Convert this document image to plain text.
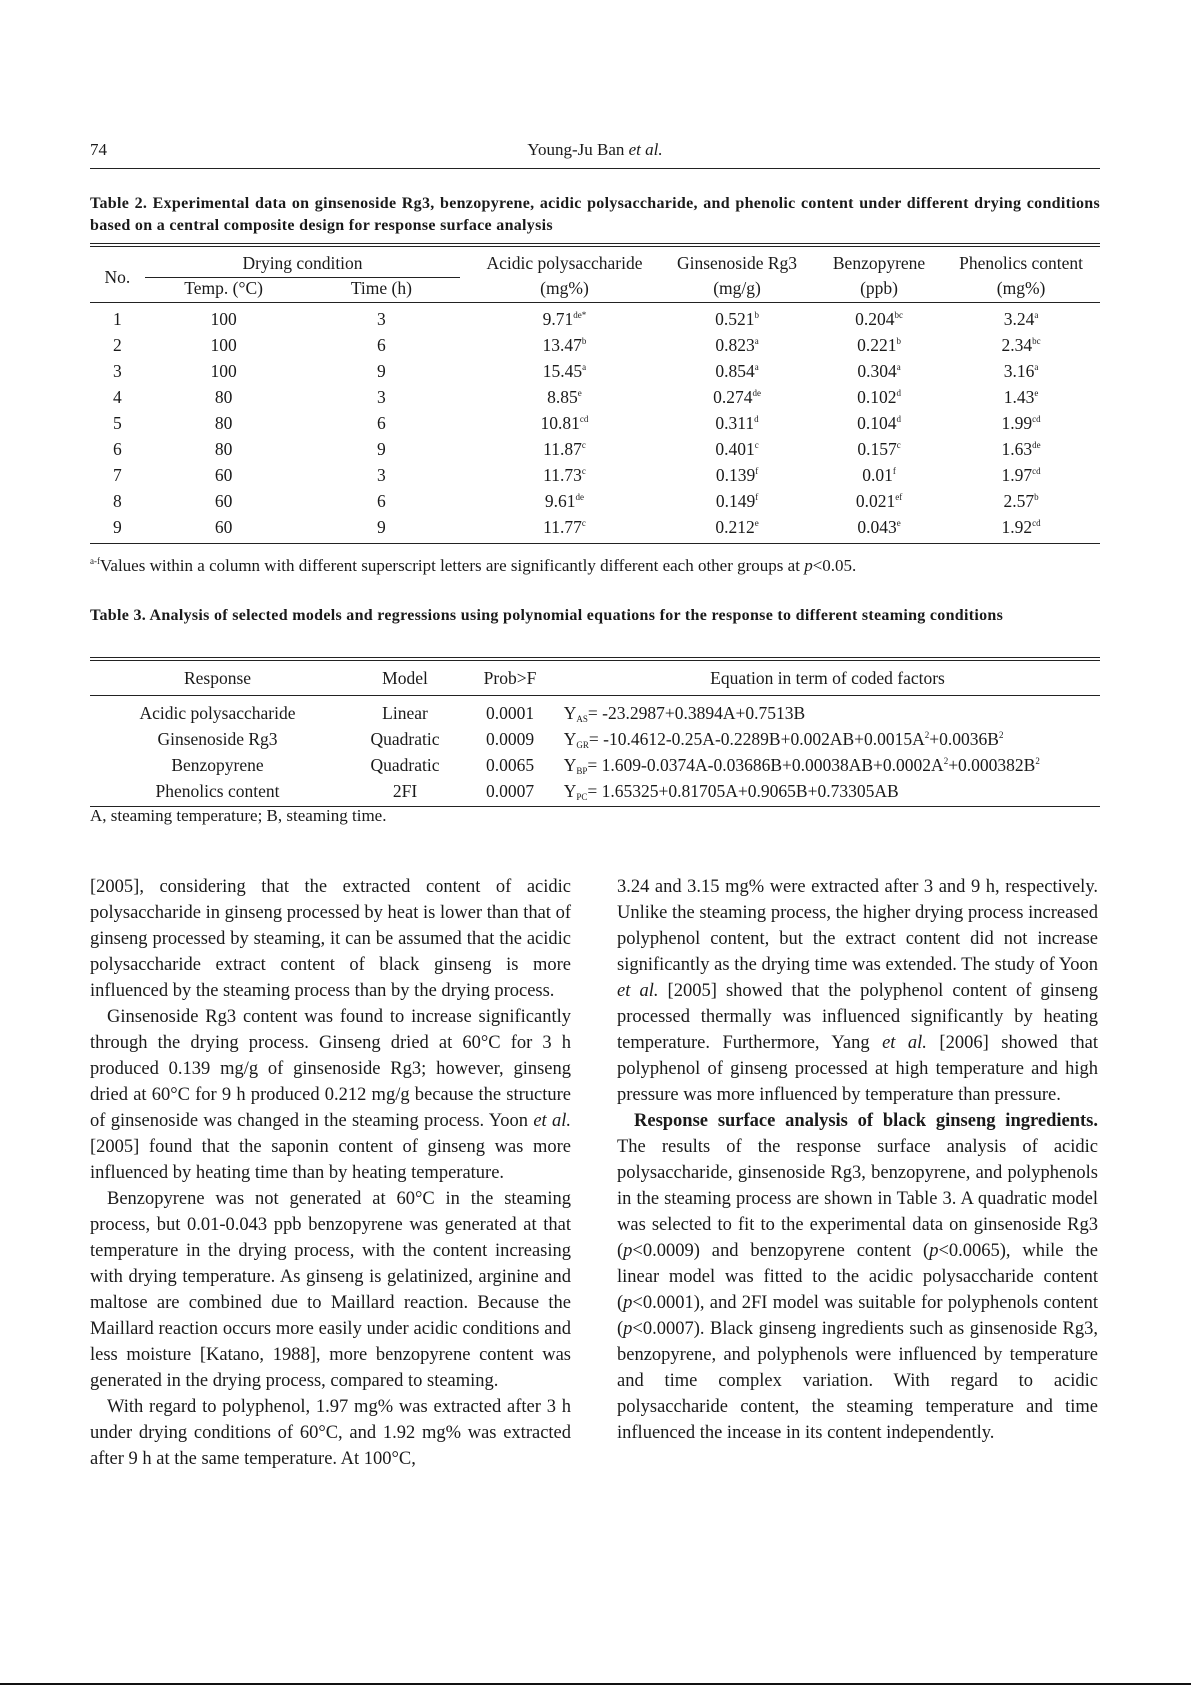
74	Young-Ju Ban et al.
Table 2. Experimental data on ginsenoside Rg3, benzopyrene, acidic polysaccharide, and phenolic content under different drying conditions based on a central composite design for response surface analysis
No.	Drying condition			Acidic polysaccharide	Ginsenoside Rg3	Benzopyrene	Phenolics content
	Temp. (°C)	Time (h)		(mg%)	(mg/g)	(ppb)	(mg%)
1	100	3		$9.71^{de*}$	0.521$^b$	0.204$^{bc}$	3.24$^a$
2	100	6		13.47$^b$	0.823$^a$	0.221$^b$	2.34$^{bc}$
3	100	9		15.45$^a$	0.854$^a$	0.304$^a$	3.16$^a$
4	80	3		8.85e	0.274de	0.102$^d$	1.43e
5	80	6		10.81$^{cd}$	0.311$^d$	0.104$^d$	1.99$^{cd}$
6	80	9		11.87$^c$	0.401$^c$	0.157$^c$	1.63de
7	60	3		11.73$^c$	0.139$^f$	0.01$^f$	1.97$^{cd}$
8	60	6		9.61de	0.149$^f$	0.021$^{ef}$	2.57$^b$
9	60	9		11.77$^c$	0.212e	0.043e	1.92$^{cd}$
$^{a-f}$Values within a column with different superscript letters are significantly different each other groups at p<0.05.
Table 3. Analysis of selected models and regressions using polynomial equations for the response to different steaming conditions
Response	Model	Prob>F	Equation in term of coded factors
Acidic polysaccharide	Linear	0.0001	$Y_{AS}= -23.2987+0.3894A+0.7513B$
Ginsenoside Rg3	Quadratic	0.0009	$Y_{GR}= -10.4612-0.25A-0.2289B+0.002AB+0.0015A^2+0.0036B^2$
Benzopyrene	Quadratic	0.0065	$Y_{BP}= 1.609-0.0374A-0.03686B+0.00038AB+0.0002A^2+0.000382B^2$
Phenolics content	2FI	0.0007	$Y_{PC}= 1.65325+0.81705A+0.9065B+0.73305AB$
A, steaming temperature; B, steaming time.

[2005], considering that the extracted content of acidic polysaccharide in ginseng processed by heat is lower than that of ginseng processed by steaming, it can be assumed that the acidic polysaccharide extract content of black ginseng is more influenced by the steaming process than by the drying process.

Ginsenoside Rg3 content was found to increase significantly through the drying process. Ginseng dried at 60°C for 3 h produced 0.139 mg/g of ginsenoside Rg3; however, ginseng dried at 60°C for 9 h produced 0.212 mg/g because the structure of ginsenoside was changed in the steaming process. Yoon et al. [2005] found that the saponin content of ginseng was more influenced by heating time than by heating temperature.

Benzopyrene was not generated at 60°C in the steaming process, but 0.01-0.043 ppb benzopyrene was generated at that temperature in the drying process, with the content increasing with drying temperature. As ginseng is gelatinized, arginine and maltose are combined due to Maillard reaction. Because the Maillard reaction occurs more easily under acidic conditions and less moisture [Katano, 1988], more benzopyrene content was generated in the drying process, compared to steaming.

With regard to polyphenol, 1.97 mg% was extracted after 3 h under drying conditions of 60°C, and 1.92 mg% was extracted after 9 h at the same temperature. At 100°C,

3.24 and 3.15 mg% were extracted after 3 and 9 h, respectively. Unlike the steaming process, the higher drying process increased polyphenol content, but the extract content did not increase significantly as the drying time was extended. The study of Yoon et al. [2005] showed that the polyphenol content of ginseng processed thermally was influenced significantly by heating temperature. Furthermore, Yang et al. [2006] showed that polyphenol of ginseng processed at high temperature and high pressure was more influenced by temperature than pressure.

Response surface analysis of black ginseng ingredients. The results of the response surface analysis of acidic polysaccharide, ginsenoside Rg3, benzopyrene, and polyphenols in the steaming process are shown in Table 3. A quadratic model was selected to fit to the experimental data on ginsenoside Rg3 (p<0.0009) and benzopyrene content (p<0.0065), while the linear model was fitted to the acidic polysaccharide content (p<0.0001), and 2FI model was suitable for polyphenols content (p<0.0007). Black ginseng ingredients such as ginsenoside Rg3, benzopyrene, and polyphenols were influenced by temperature and time complex variation. With regard to acidic polysaccharide content, the steaming temperature and time influenced the incease in its content independently.
